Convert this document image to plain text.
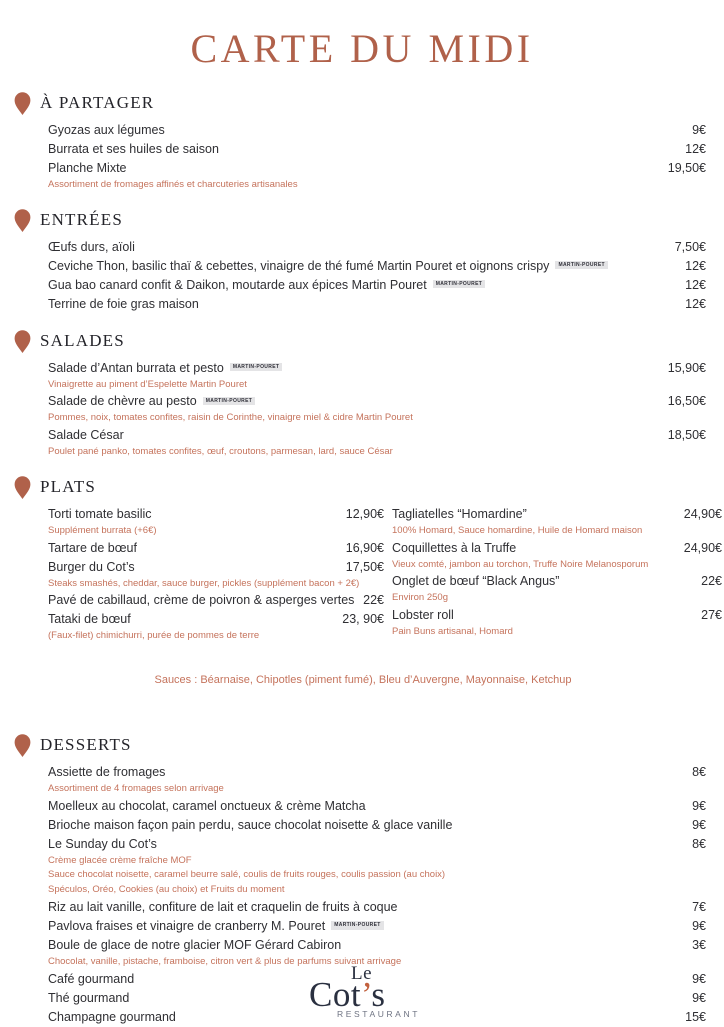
CARTE DU MIDI
À PARTAGER
Gyozas aux légumes	9€
Burrata et ses huiles de saison	12€
Planche Mixte	19,50€
Assortiment de fromages affinés et charcuteries artisanales
ENTRÉES
Œufs durs, aïoli	7,50€
Ceviche Thon, basilic thaï & cebettes, vinaigre de thé fumé Martin Pouret et oignons crispy	MARTIN-POURET	12€
Gua bao canard confit & Daikon, moutarde aux épices Martin Pouret	MARTIN-POURET	12€
Terrine de foie gras maison	12€
SALADES
Salade d’Antan burrata et pesto	MARTIN-POURET	15,90€
Vinaigrette au piment d’Espelette Martin Pouret
Salade de chèvre au pesto	MARTIN-POURET	16,50€
Pommes, noix, tomates confites, raisin de Corinthe, vinaigre miel & cidre Martin Pouret
Salade César	18,50€
Poulet pané panko, tomates confites, œuf, croutons, parmesan, lard, sauce César
PLATS
Torti tomate basilic	12,90€
Supplément burrata (+6€)
Tartare de bœuf	16,90€
Burger du Cot’s	17,50€
Steaks smashés, cheddar, sauce burger, pickles (supplément bacon + 2€)
Pavé de cabillaud, crème de poivron & asperges vertes 22€
Tataki de bœuf	23, 90€
(Faux-filet) chimichurri, purée de pommes de terre
Tagliatelles “Homardine”	24,90€
100% Homard, Sauce homardine, Huile de Homard maison
Coquillettes à la Truffe	24,90€
Vieux comté, jambon au torchon, Truffe Noire Melanosporum
Onglet de bœuf “Black Angus”	22€
Environ 250g
Lobster roll	27€
Pain Buns artisanal, Homard
Sauces : Béarnaise, Chipotles (piment fumé), Bleu d’Auvergne, Mayonnaise, Ketchup
DESSERTS
Assiette de fromages	8€
Assortiment de 4 fromages selon arrivage
Moelleux au chocolat, caramel onctueux & crème Matcha	9€
Brioche maison façon pain perdu, sauce chocolat noisette & glace vanille	9€
Le Sunday du Cot’s	8€
Crème glacée crème fraîche MOF
Sauce chocolat noisette, caramel beurre salé, coulis de fruits rouges, coulis passion (au choix)
Spéculos, Oréo, Cookies (au choix) et Fruits du moment
Riz au lait vanille, confiture de lait et craquelin de fruits à coque	7€
Pavlova fraises et vinaigre de cranberry M. Pouret	MARTIN-POURET	9€
Boule de glace de notre glacier MOF Gérard Cabiron	3€
Chocolat, vanille, pistache, framboise, citron vert & plus de parfums suivant arrivage
Café gourmand	9€
Thé gourmand	9€
Champagne gourmand	15€
Le
Cot’s
RESTAURANT
